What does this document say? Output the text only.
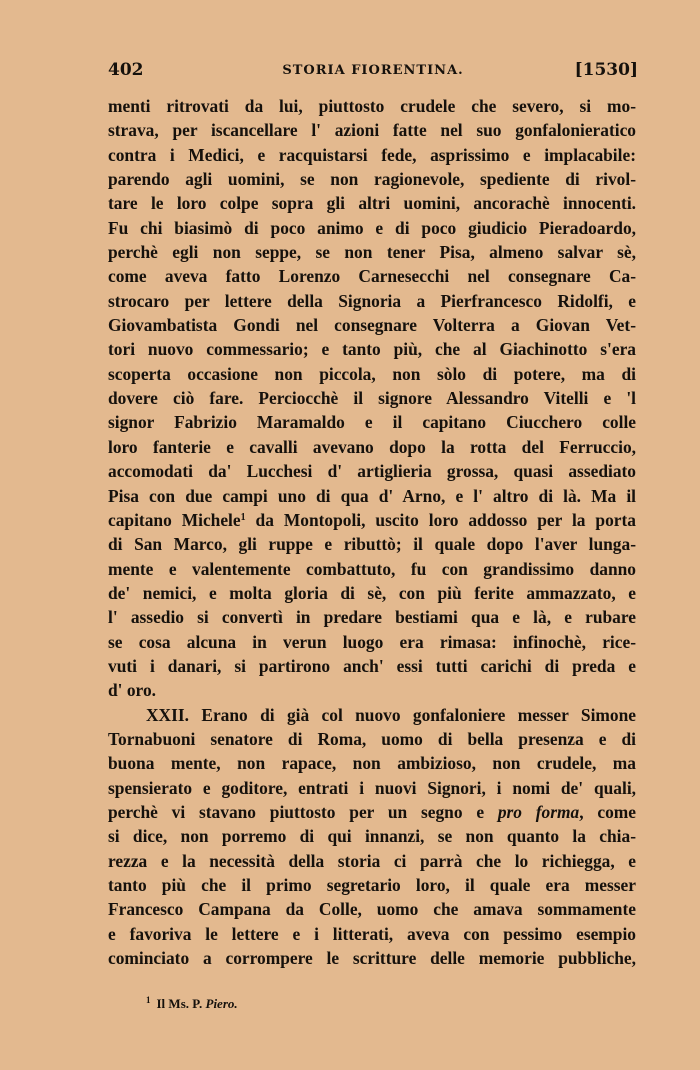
402	STORIA FIORENTINA.	[1530]
menti ritrovati da lui, piuttosto crudele che severo, si mo-
strava, per iscancellare l' azioni fatte nel suo gonfalonieratico
contra i Medici, e racquistarsi fede, asprissimo e implacabile:
parendo agli uomini, se non ragionevole, spediente di rivol-
tare le loro colpe sopra gli altri uomini, ancorachè innocenti.
Fu chi biasimò di poco animo e di poco giudicio Pieradoardo,
perchè egli non seppe, se non tener Pisa, almeno salvar sè,
come aveva fatto Lorenzo Carnesecchi nel consegnare Ca-
strocaro per lettere della Signoria a Pierfrancesco Ridolfi, e
Giovambatista Gondi nel consegnare Volterra a Giovan Vet-
tori nuovo commessario; e tanto più, che al Giachinotto s'era
scoperta occasione non piccola, non sòlo di potere, ma di
dovere ciò fare. Perciocchè il signore Alessandro Vitelli e 'l
signor Fabrizio Maramaldo e il capitano Ciucchero colle
loro fanterie e cavalli avevano dopo la rotta del Ferruccio,
accomodati da' Lucchesi d' artiglieria grossa, quasi assediato
Pisa con due campi uno di qua d' Arno, e l' altro di là. Ma il
capitano Michele$^1$ da Montopoli, uscito loro addosso per la porta
di San Marco, gli ruppe e ributtò; il quale dopo l'aver lunga-
mente e valentemente combattuto, fu con grandissimo danno
de' nemici, e molta gloria di sè, con più ferite ammazzato, e
l' assedio si convertì in predare bestiami qua e là, e rubare
se cosa alcuna in verun luogo era rimasa: infinochè, rice-
vuti i danari, si partirono anch' essi tutti carichi di preda e
d' oro.
XXII. Erano di già col nuovo gonfaloniere messer Simone
Tornabuoni senatore di Roma, uomo di bella presenza e di
buona mente, non rapace, non ambizioso, non crudele, ma
spensierato e goditore, entrati i nuovi Signori, i nomi de' quali,
perchè vi stavano piuttosto per un segno e pro forma, come
si dice, non porremo di qui innanzi, se non quanto la chia-
rezza e la necessità della storia ci parrà che lo richiegga, e
tanto più che il primo segretario loro, il quale era messer
Francesco Campana da Colle, uomo che amava sommamente
e favoriva le lettere e i litterati, aveva con pessimo esempio
cominciato a corrompere le scritture delle memorie pubbliche,
$^1$ Il Ms. P. Piero.
